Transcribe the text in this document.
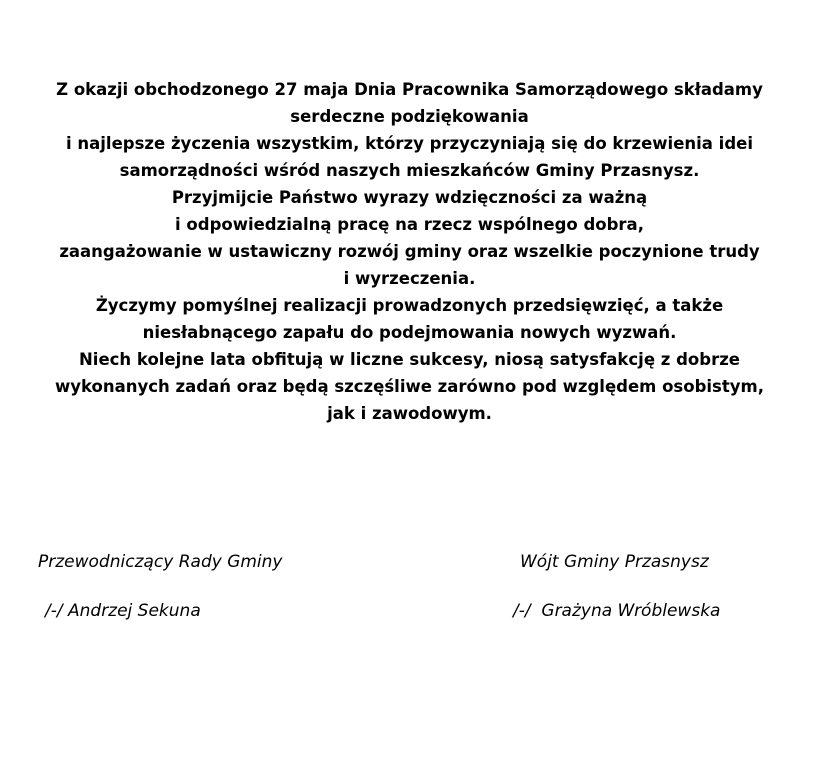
Z okazji obchodzonego 27 maja Dnia Pracownika Samorządowego składamy
serdeczne podziękowania
i najlepsze życzenia wszystkim, którzy przyczyniają się do krzewienia idei
samorządności wśród naszych mieszkańców Gminy Przasnysz.
Przyjmijcie Państwo wyrazy wdzięczności za ważną
i odpowiedzialną pracę na rzecz wspólnego dobra,
zaangażowanie w ustawiczny rozwój gminy oraz wszelkie poczynione trudy
i wyrzeczenia.
Życzymy pomyślnej realizacji prowadzonych przedsięwzięć, a także
niesłabnącego zapału do podejmowania nowych wyzwań.
Niech kolejne lata obfitują w liczne sukcesy, niosą satysfakcję z dobrze
wykonanych zadań oraz będą szczęśliwe zarówno pod względem osobistym,
jak i zawodowym.
Przewodniczący Rady Gminy
/-/ Andrzej Sekuna
Wójt Gminy Przasnysz
/-/  Grażyna Wróblewska
